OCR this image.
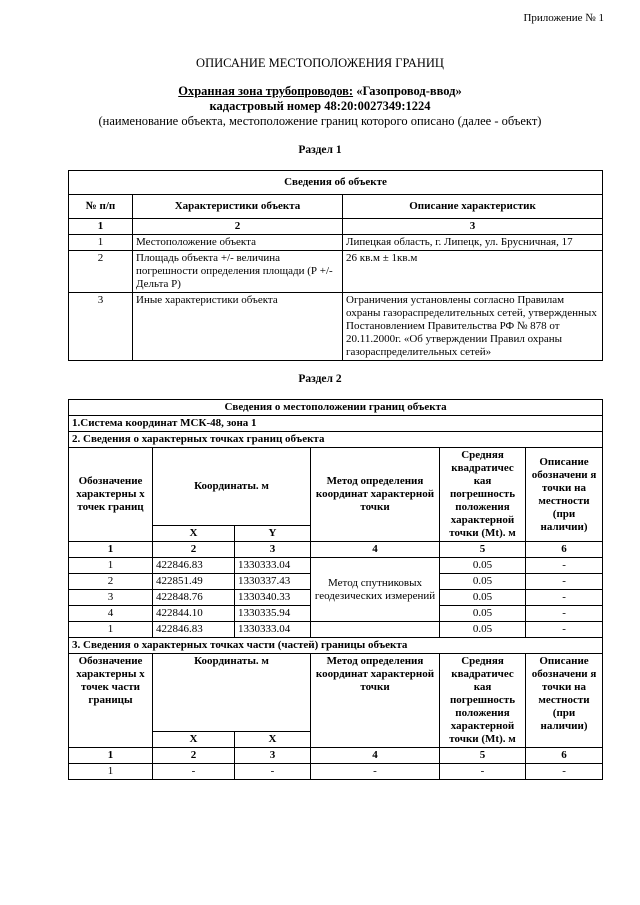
Приложение № 1
ОПИСАНИЕ МЕСТОПОЛОЖЕНИЯ ГРАНИЦ
Охранная зона трубопроводов: «Газопровод-ввод»
кадастровый номер 48:20:0027349:1224
(наименование объекта, местоположение границ которого описано (далее - объект)
Раздел 1
Сведения об объекте		
№ п/п	Характеристики объекта	Описание характеристик
1	2	3
1	Местоположение объекта	Липецкая область, г. Липецк, ул. Брусничная, 17
2	Площадь объекта +/- величина погрешности определения площади (Р +/- Дельта Р)	26 кв.м ± 1кв.м
3	Иные характеристики объекта	Ограничения установлены согласно Правилам охраны газораспределительных сетей, утвержденных Постановлением Правительства РФ № 878 от 20.11.2000г. «Об утверждении Правил охраны газораспределительных сетей»
Раздел 2
Сведения о местоположении границ объекта					
1.Система координат МСК-48, зона 1					
2. Сведения о характерных точках границ объекта					
Обозначение характерны х точек границ	Координаты. м		Метод определения координат характерной точки	Средняя квадратичес кая погрешность положения характерной точки (Mt). м	Описание обозначени я точки на местности (при наличии)
	X	Y			
1	2	3	4	5	6
1	422846.83	1330333.04	Метод спутниковых геодезических измерений	0.05	-
2	422851.49	1330337.43		0.05	-
3	422848.76	1330340.33		0.05	-
4	422844.10	1330335.94		0.05	-
1	422846.83	1330333.04		0.05	-
3. Сведения о характерных точках части (частей) границы объекта					
Обозначение характерны х точек части границы	Координаты. м		Метод определения координат характерной точки	Средняя квадратичес кая погрешность положения характерной точки (Mt). м	Описание обозначени я точки на местности (при наличии)
	X	X			
1	2	3	4	5	6
1	-	-	-	-	-
